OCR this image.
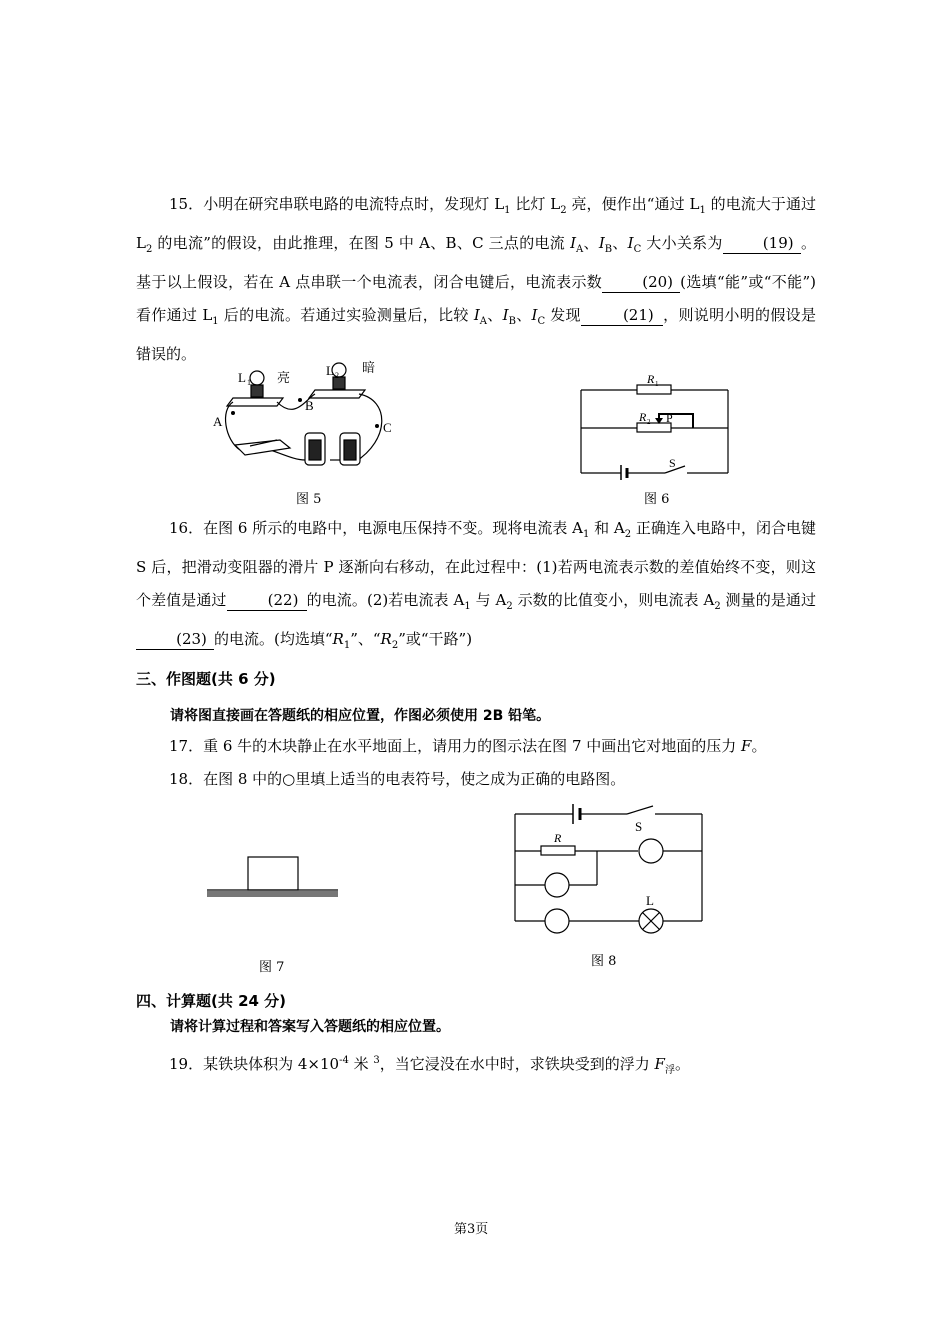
15．小明在研究串联电路的电流特点时，发现灯 $L_1$ 比灯 $L_2$ 亮，便作出“通过 $L_1$ 的电流大于通过 $L_2$ 的电流”的假设，由此推理，在图 5 中 A、B、C 三点的电流 $I_A$、$I_B$、$I_C$ 大小关系为	(19) 。基于以上假设，若在 A 点串联一个电流表，闭合电键后，电流表示数	(20) (选填“能”或“不能”)看作通过 $L_1$ 后的电流。若通过实验测量后，比较 $I_A$、$I_B$、$I_C$ 发现	(21) ，则说明小明的假设是错误的。
L 1 亮	L 2
暗
A
B
C
图 5
R 1
R 2 P
S
图 6
16．在图 6 所示的电路中，电源电压保持不变。现将电流表 $A_1$ 和 $A_2$ 正确连入电路中，闭合电键 S 后，把滑动变阻器的滑片 P 逐渐向右移动，在此过程中：(1)若两电流表示数的差值始终不变，则这个差值是通过	(22) 的电流。(2)若电流表 $A_1$ 与 $A_2$ 示数的比值变小，则电流表 $A_2$ 测量的是通过(23) 的电流。(均选填“$R_1$”、“$R_2$”或“干路”)
三、作图题(共 6 分)
请将图直接画在答题纸的相应位置，作图必须使用 2B 铅笔。
17．重 6 牛的木块静止在水平地面上，请用力的图示法在图 7 中画出它对地面的压力 F。
18．在图 8 中的○里填上适当的电表符号，使之成为正确的电路图。
图 7
S
R
L
图 8
四、计算题(共 24 分)
请将计算过程和答案写入答题纸的相应位置。
19．某铁块体积为 $4\times 10^{-4}$ 米 $^3$，当它浸没在水中时，求铁块受到的浮力 $F_浮$。
第3页
